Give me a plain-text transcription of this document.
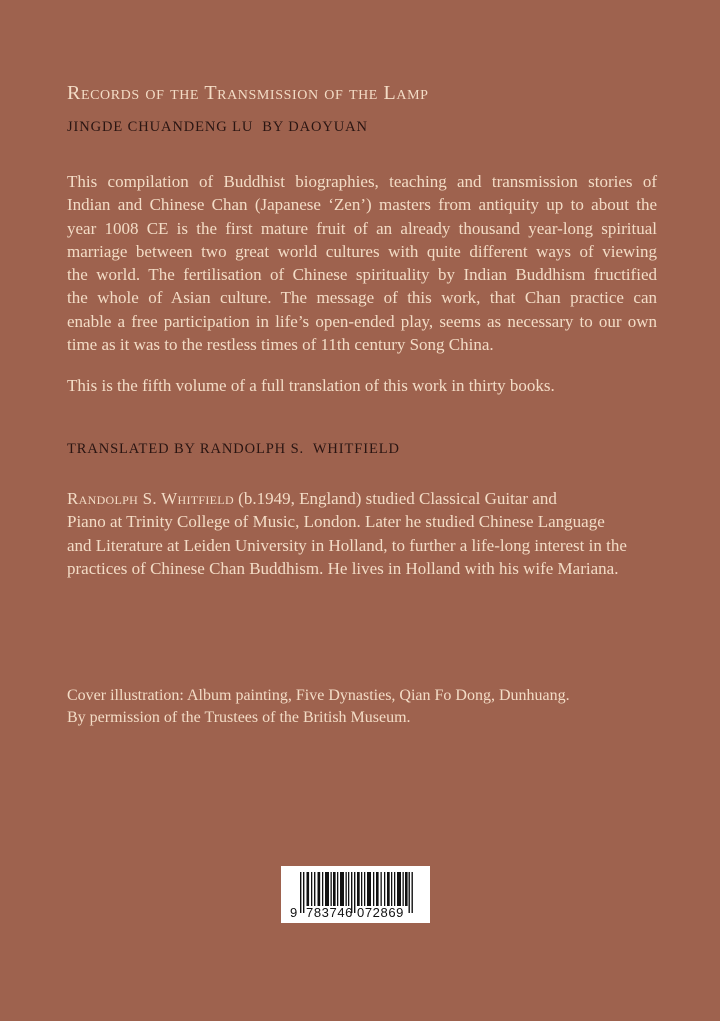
Records of the Transmission of the Lamp
JINGDE CHUANDENG LU  BY DAOYUAN
This compilation of Buddhist biographies, teaching and transmission stories of
Indian and Chinese Chan (Japanese ‘Zen’) masters from antiquity up to about the
year 1008 CE is the first mature fruit of an already thousand year-long spiritual
marriage between two great world cultures with quite different ways of viewing
the world. The fertilisation of Chinese spirituality by Indian Buddhism fructified
the whole of Asian culture. The message of this work, that Chan practice can
enable a free participation in life’s open-ended play, seems as necessary to our own
time as it was to the restless times of 11th century Song China.
This is the fifth volume of a full translation of this work in thirty books.
TRANSLATED BY RANDOLPH S.  WHITFIELD
Randolph S. Whitfield (b.1949, England) studied Classical Guitar and
Piano at Trinity College of Music, London. Later he studied Chinese Language
and Literature at Leiden University in Holland, to further a life-long interest in the
practices of Chinese Chan Buddhism. He lives in Holland with his wife Mariana.
Cover illustration: Album painting, Five Dynasties, Qian Fo Dong, Dunhuang.
By permission of the Trustees of the British Museum.
9 783746 072869
